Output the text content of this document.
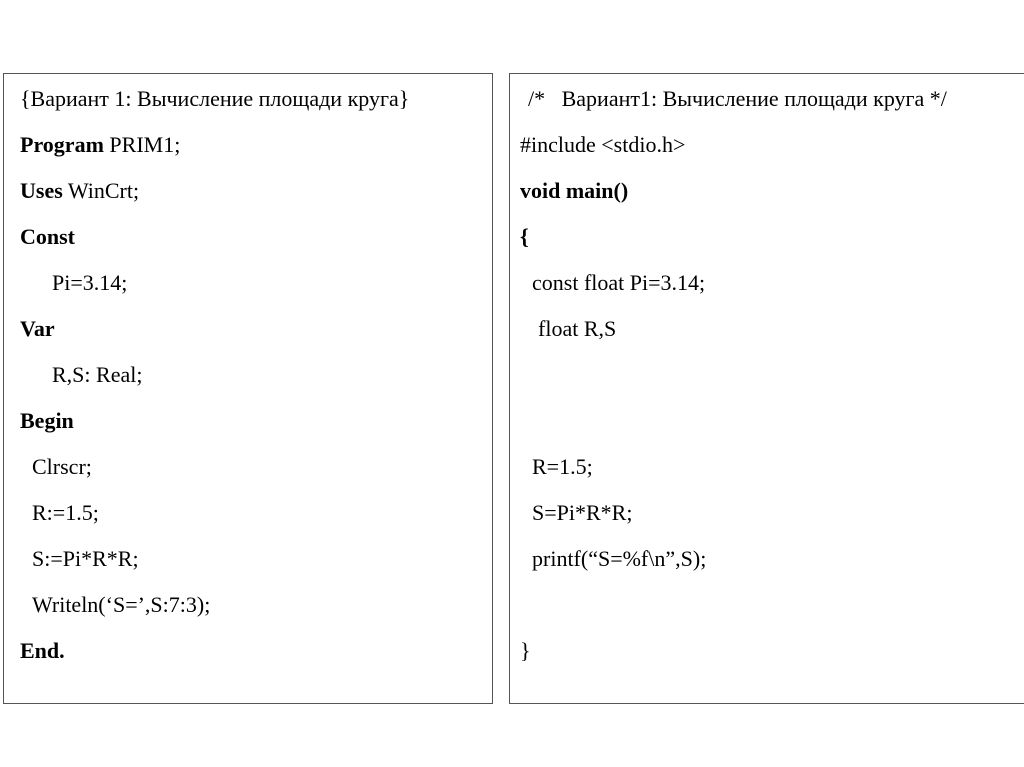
{Вариант 1: Вычисление площади круга}

Program PRIM1;

Uses WinCrt;

Const

Pi=3.14;

Var

R,S: Real;

Begin

Clrscr;

R:=1.5;

S:=Pi*R*R;

Writeln(‘S=’,S:7:3);

End.

/*   Вариант1: Вычисление площади круга */

#include <stdio.h>

void main()

{

const float Pi=3.14;

float R,S

R=1.5;

S=Pi*R*R;

printf(“S=%f\n”,S);

}
